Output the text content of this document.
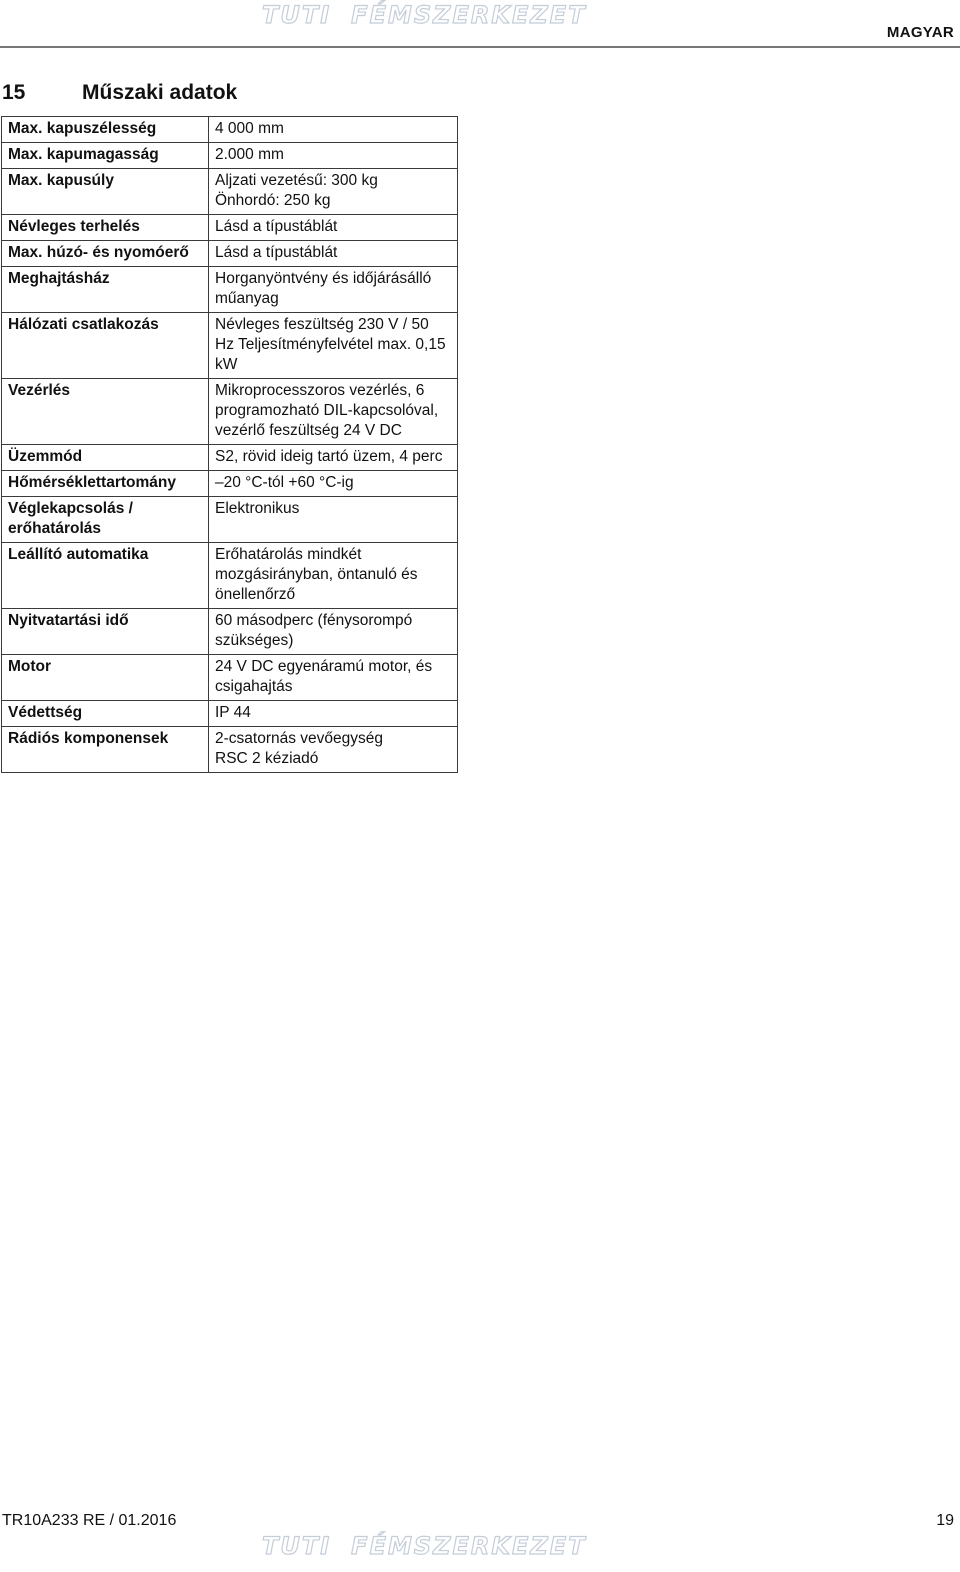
TUTI FÉMSZERKEZET
MAGYAR
15	Műszaki adatok
Max. kapuszélesség	4 000 mm

Max. kapumagasság	2.000 mm

Max. kapusúly	Aljzati vezetésű: 300 kg
Önhordó: 250 kg

Névleges terhelés	Lásd a típustáblát

Max. húzó- és nyomóerő	Lásd a típustáblát

Meghajtásház	Horganyöntvény és időjárásálló műanyag

Hálózati csatlakozás	Névleges feszültség 230 V / 50 Hz Teljesítményfelvétel max. 0,15 kW

Vezérlés	Mikroprocesszoros vezérlés, 6 programozható DIL-kapcsolóval, vezérlő feszültség 24 V DC

Üzemmód	S2, rövid ideig tartó üzem, 4 perc

Hőmérséklettartomány	–20 °C-tól +60 °C-ig

Véglekapcsolás / erőhatárolás	Elektronikus

Leállító automatika	Erőhatárolás mindkét mozgásirányban, öntanuló és önellenőrző

Nyitvatartási idő	60 másodperc (fénysorompó szükséges)

Motor	24 V DC egyenáramú motor, és csigahajtás

Védettség	IP 44

Rádiós komponensek	2-csatornás vevőegység
RSC 2 kéziadó
TR10A233 RE / 01.2016	19
TUTI FÉMSZERKEZET
